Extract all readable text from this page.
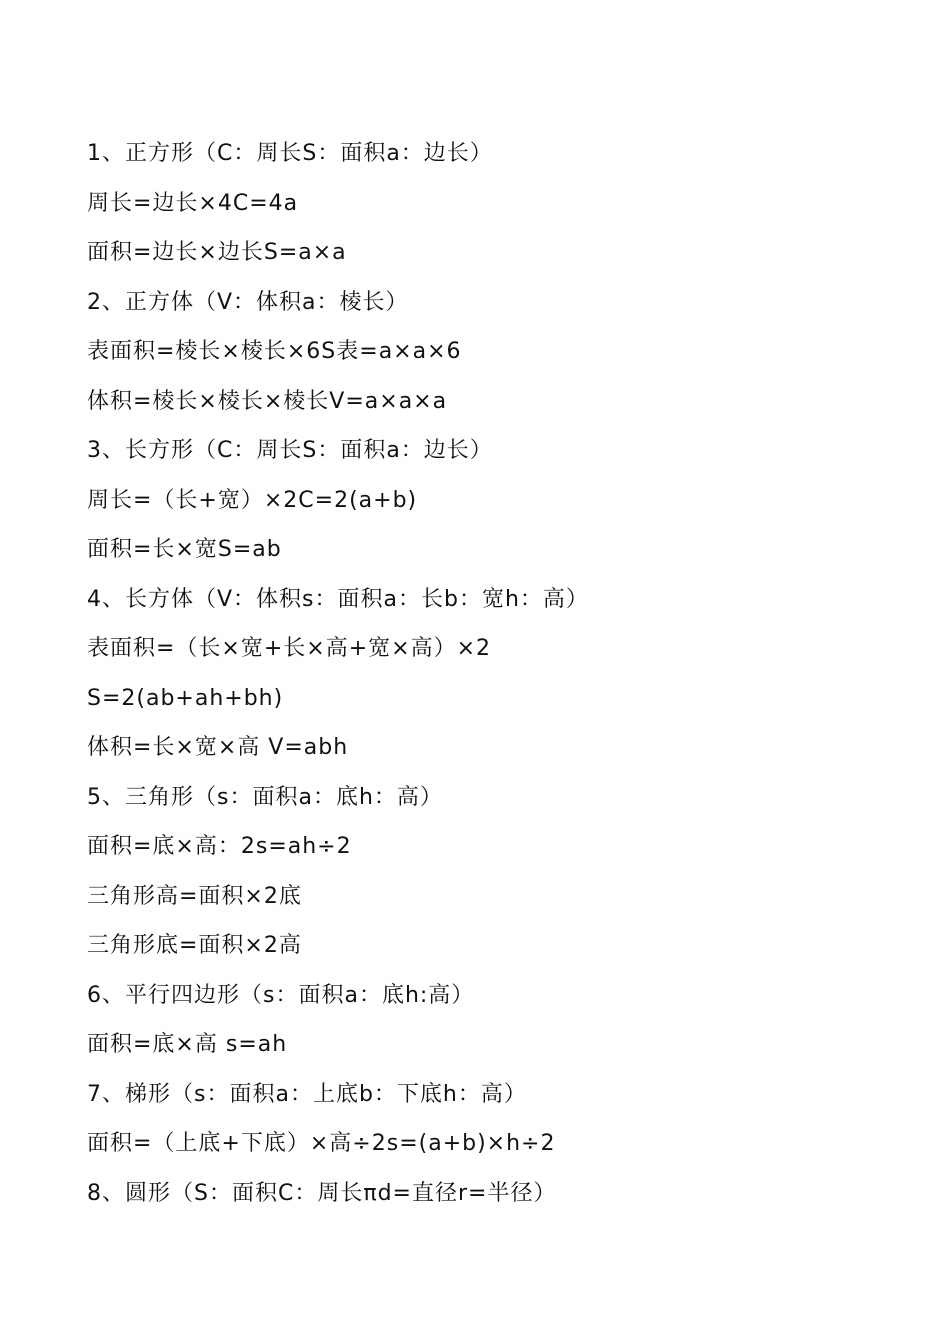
1、正方形（C：周长S：面积a：边长）
周长=边长×4C=4a
面积=边长×边长S=a×a
2、正方体（V：体积a：棱长）
表面积=棱长×棱长×6S表=a×a×6
体积=棱长×棱长×棱长V=a×a×a
3、长方形（C：周长S：面积a：边长）
周长=（长+宽）×2C=2(a+b)
面积=长×宽S=ab
4、长方体（V：体积s：面积a：长b：宽h：高）
表面积=（长×宽+长×高+宽×高）×2
S=2(ab+ah+bh)
体积=长×宽×高 V=abh
5、三角形（s：面积a：底h：高）
面积=底×高：2s=ah÷2
三角形高=面积×2底
三角形底=面积×2高
6、平行四边形（s：面积a：底h:高）
面积=底×高 s=ah
7、梯形（s：面积a：上底b：下底h：高）
面积=（上底+下底）×高÷2s=(a+b)×h÷2
8、圆形（S：面积C：周长πd=直径r=半径）
